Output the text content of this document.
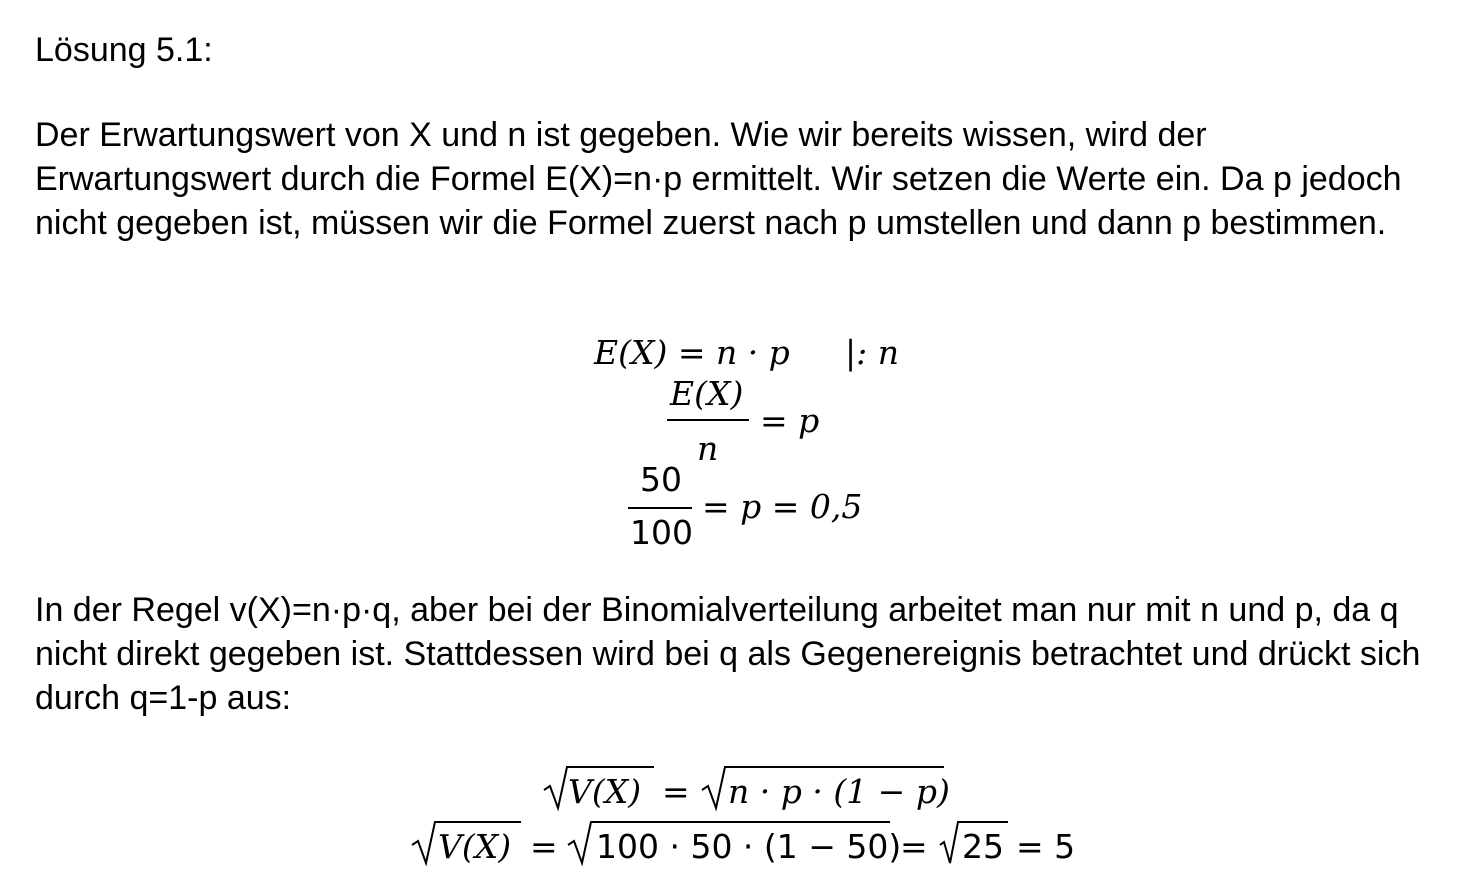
Lösung 5.1:
Der Erwartungswert von X und n ist gegeben. Wie wir bereits wissen, wird der Erwartungswert durch die Formel E(X)=n·p ermittelt. Wir setzen die Werte ein. Da p jedoch nicht gegeben ist, müssen wir die Formel zuerst nach p umstellen und dann p bestimmen.
E(X) = n · p |: n
E(X)
n
= p
50
100
= p = 0,5
In der Regel v(X)=n·p·q, aber bei der Binomialverteilung arbeitet man nur mit n und p, da q nicht direkt gegeben ist. Stattdessen wird bei q als Gegenereignis betrachtet und drückt sich durch q=1-p aus:
V(X) = n · p · (1 − p)
V(X) = 100 · 50 · (1 − 50)
= 25 = 5
